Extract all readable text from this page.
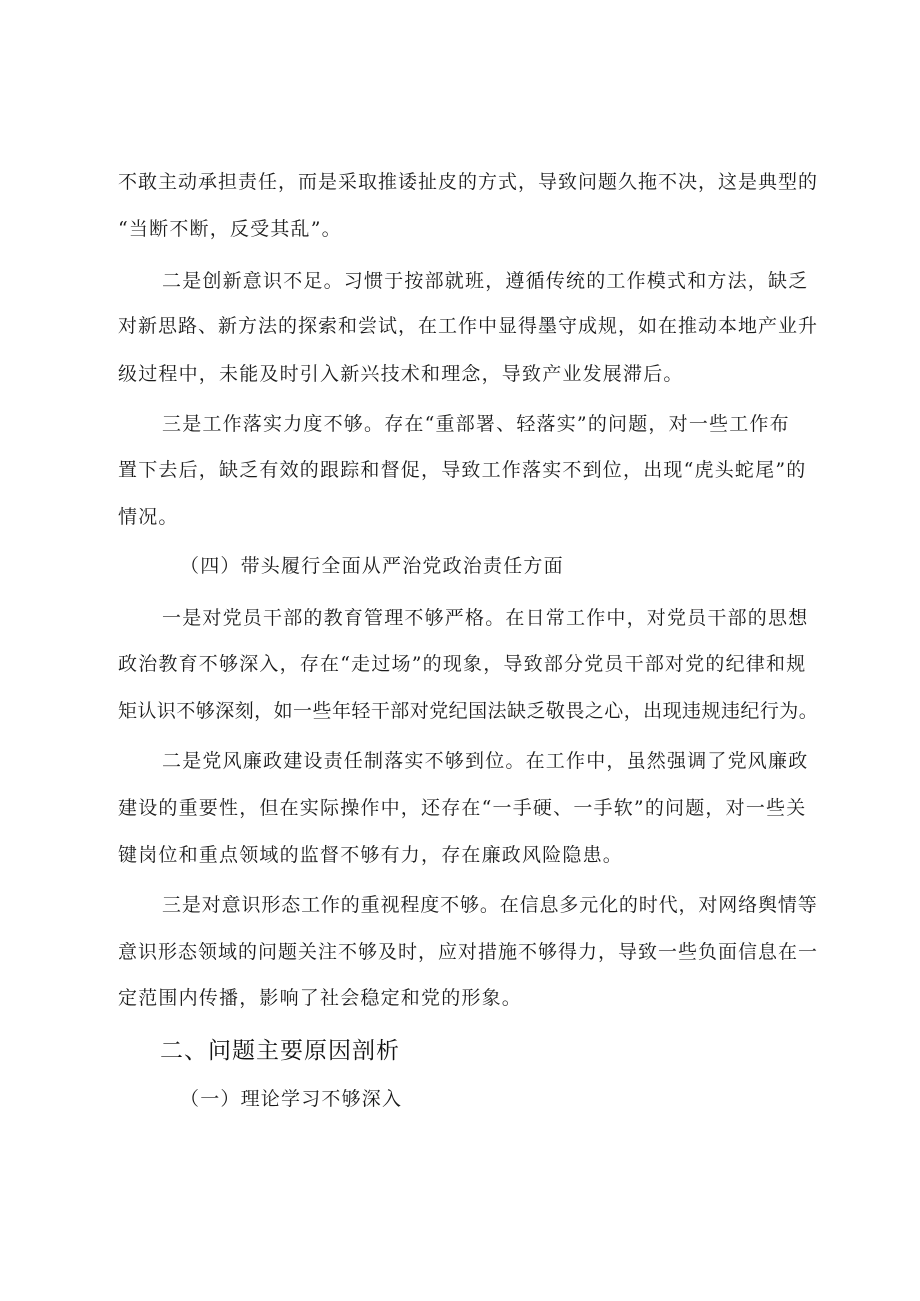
不敢主动承担责任，而是采取推诿扯皮的方式，导致问题久拖不决，这是典型的
“当断不断，反受其乱”。
二是创新意识不足。习惯于按部就班，遵循传统的工作模式和方法，缺乏
对新思路、新方法的探索和尝试，在工作中显得墨守成规，如在推动本地产业升
级过程中，未能及时引入新兴技术和理念，导致产业发展滞后。
三是工作落实力度不够。存在“重部署、轻落实”的问题，对一些工作布
置下去后，缺乏有效的跟踪和督促，导致工作落实不到位，出现“虎头蛇尾”的
情况。
（四）带头履行全面从严治党政治责任方面
一是对党员干部的教育管理不够严格。在日常工作中，对党员干部的思想
政治教育不够深入，存在“走过场”的现象，导致部分党员干部对党的纪律和规
矩认识不够深刻，如一些年轻干部对党纪国法缺乏敬畏之心，出现违规违纪行为。
二是党风廉政建设责任制落实不够到位。在工作中，虽然强调了党风廉政
建设的重要性，但在实际操作中，还存在“一手硬、一手软”的问题，对一些关
键岗位和重点领域的监督不够有力，存在廉政风险隐患。
三是对意识形态工作的重视程度不够。在信息多元化的时代，对网络舆情等
意识形态领域的问题关注不够及时，应对措施不够得力，导致一些负面信息在一
定范围内传播，影响了社会稳定和党的形象。
二、问题主要原因剖析
（一）理论学习不够深入
